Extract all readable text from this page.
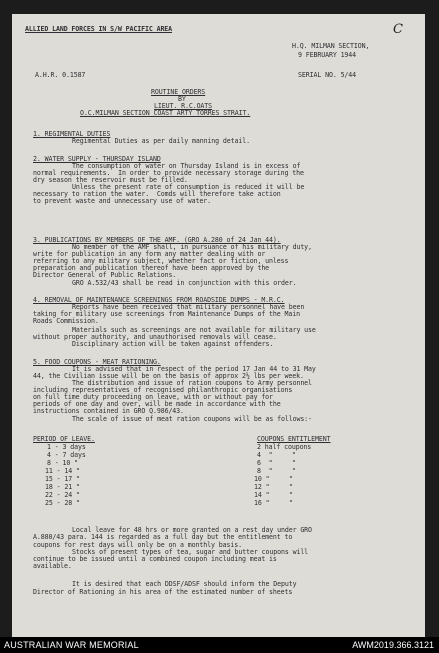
ALLIED LAND FORCES IN S/W PACIFIC AREA	C
H.Q. MILMAN SECTION,
9 FEBRUARY 1944
A.H.R. 0.1587	SERIAL NO. 5/44
ROUTINE ORDERS
BY
LIEUT. R.C.OATS
O.C.MILMAN SECTION COAST ARTY TORRES STRAIT.
1. REGIMENTAL DUTIES
Regimental Duties as per daily manning detail.
2. WATER SUPPLY - THURSDAY ISLAND
The consumption of water on Thursday Island is in excess of
normal requirements.  In order to provide necessary storage during the
dry season the reservoir must be filled.
Unless the present rate of consumption is reduced it will be
necessary to ration the water.  Comds will therefore take action
to prevent waste and unnecessary use of water.
3. PUBLICATIONS BY MEMBERS OF THE AMF. (GRO A.280 of 24 Jan 44).
No member of the AMF shall, in pursuance of his military duty,
write for publication in any form any matter dealing with or
referring to any military subject, whether fact or fiction, unless
preparation and publication thereof have been approved by the
Director General of Public Relations.
GRO A.532/43 shall be read in conjunction with this order.
4. REMOVAL OF MAINTENANCE SCREENINGS FROM ROADSIDE DUMPS - M.R.C.
Reports have been received that military personnel have been
taking for military use screenings from Maintenance Dumps of the Main
Roads Commission.
Materials such as screenings are not available for military use
without proper authority, and unauthorised removals will cease.
Disciplinary action will be taken against offenders.
5. FOOD COUPONS - MEAT RATIONING.
It is advised that in respect of the period 17 Jan 44 to 31 May
44, the Civilian issue will be on the basis of approx 2½ lbs per week.
The distribution and issue of ration coupons to Army personnel
including representatives of recognised philanthropic organisations
on full time duty proceeding on leave, with or without pay for
periods of one day and over, will be made in accordance with the
instructions contained in GRO Q.986/43.
The scale of issue of meat ration coupons will be as follows:-
PERIOD OF LEAVE.	COUPONS ENTITLEMENT
1 - 3 days	2 half coupons
4 - 7 days	4  "     "
8 - 10 "	6  "     "
11 - 14 "	8  "     "
15 - 17 "	10 "     "
18 - 21 "	12 "     "
22 - 24 "	14 "     "
25 - 28 "	16 "     "
Local leave for 48 hrs or more granted on a rest day under GRO
A.880/43 para. 144 is regarded as a full day but the entitlement to
coupons for rest days will only be on a monthly basis.
Stocks of present types of tea, sugar and butter coupons will
continue to be issued until a combined coupon including meat is
available.
It is desired that each DDSF/ADSF should inform the Deputy
Director of Rationing in his area of the estimated number of sheets
AUSTRALIAN WAR MEMORIAL	AWM2019.366.3121
